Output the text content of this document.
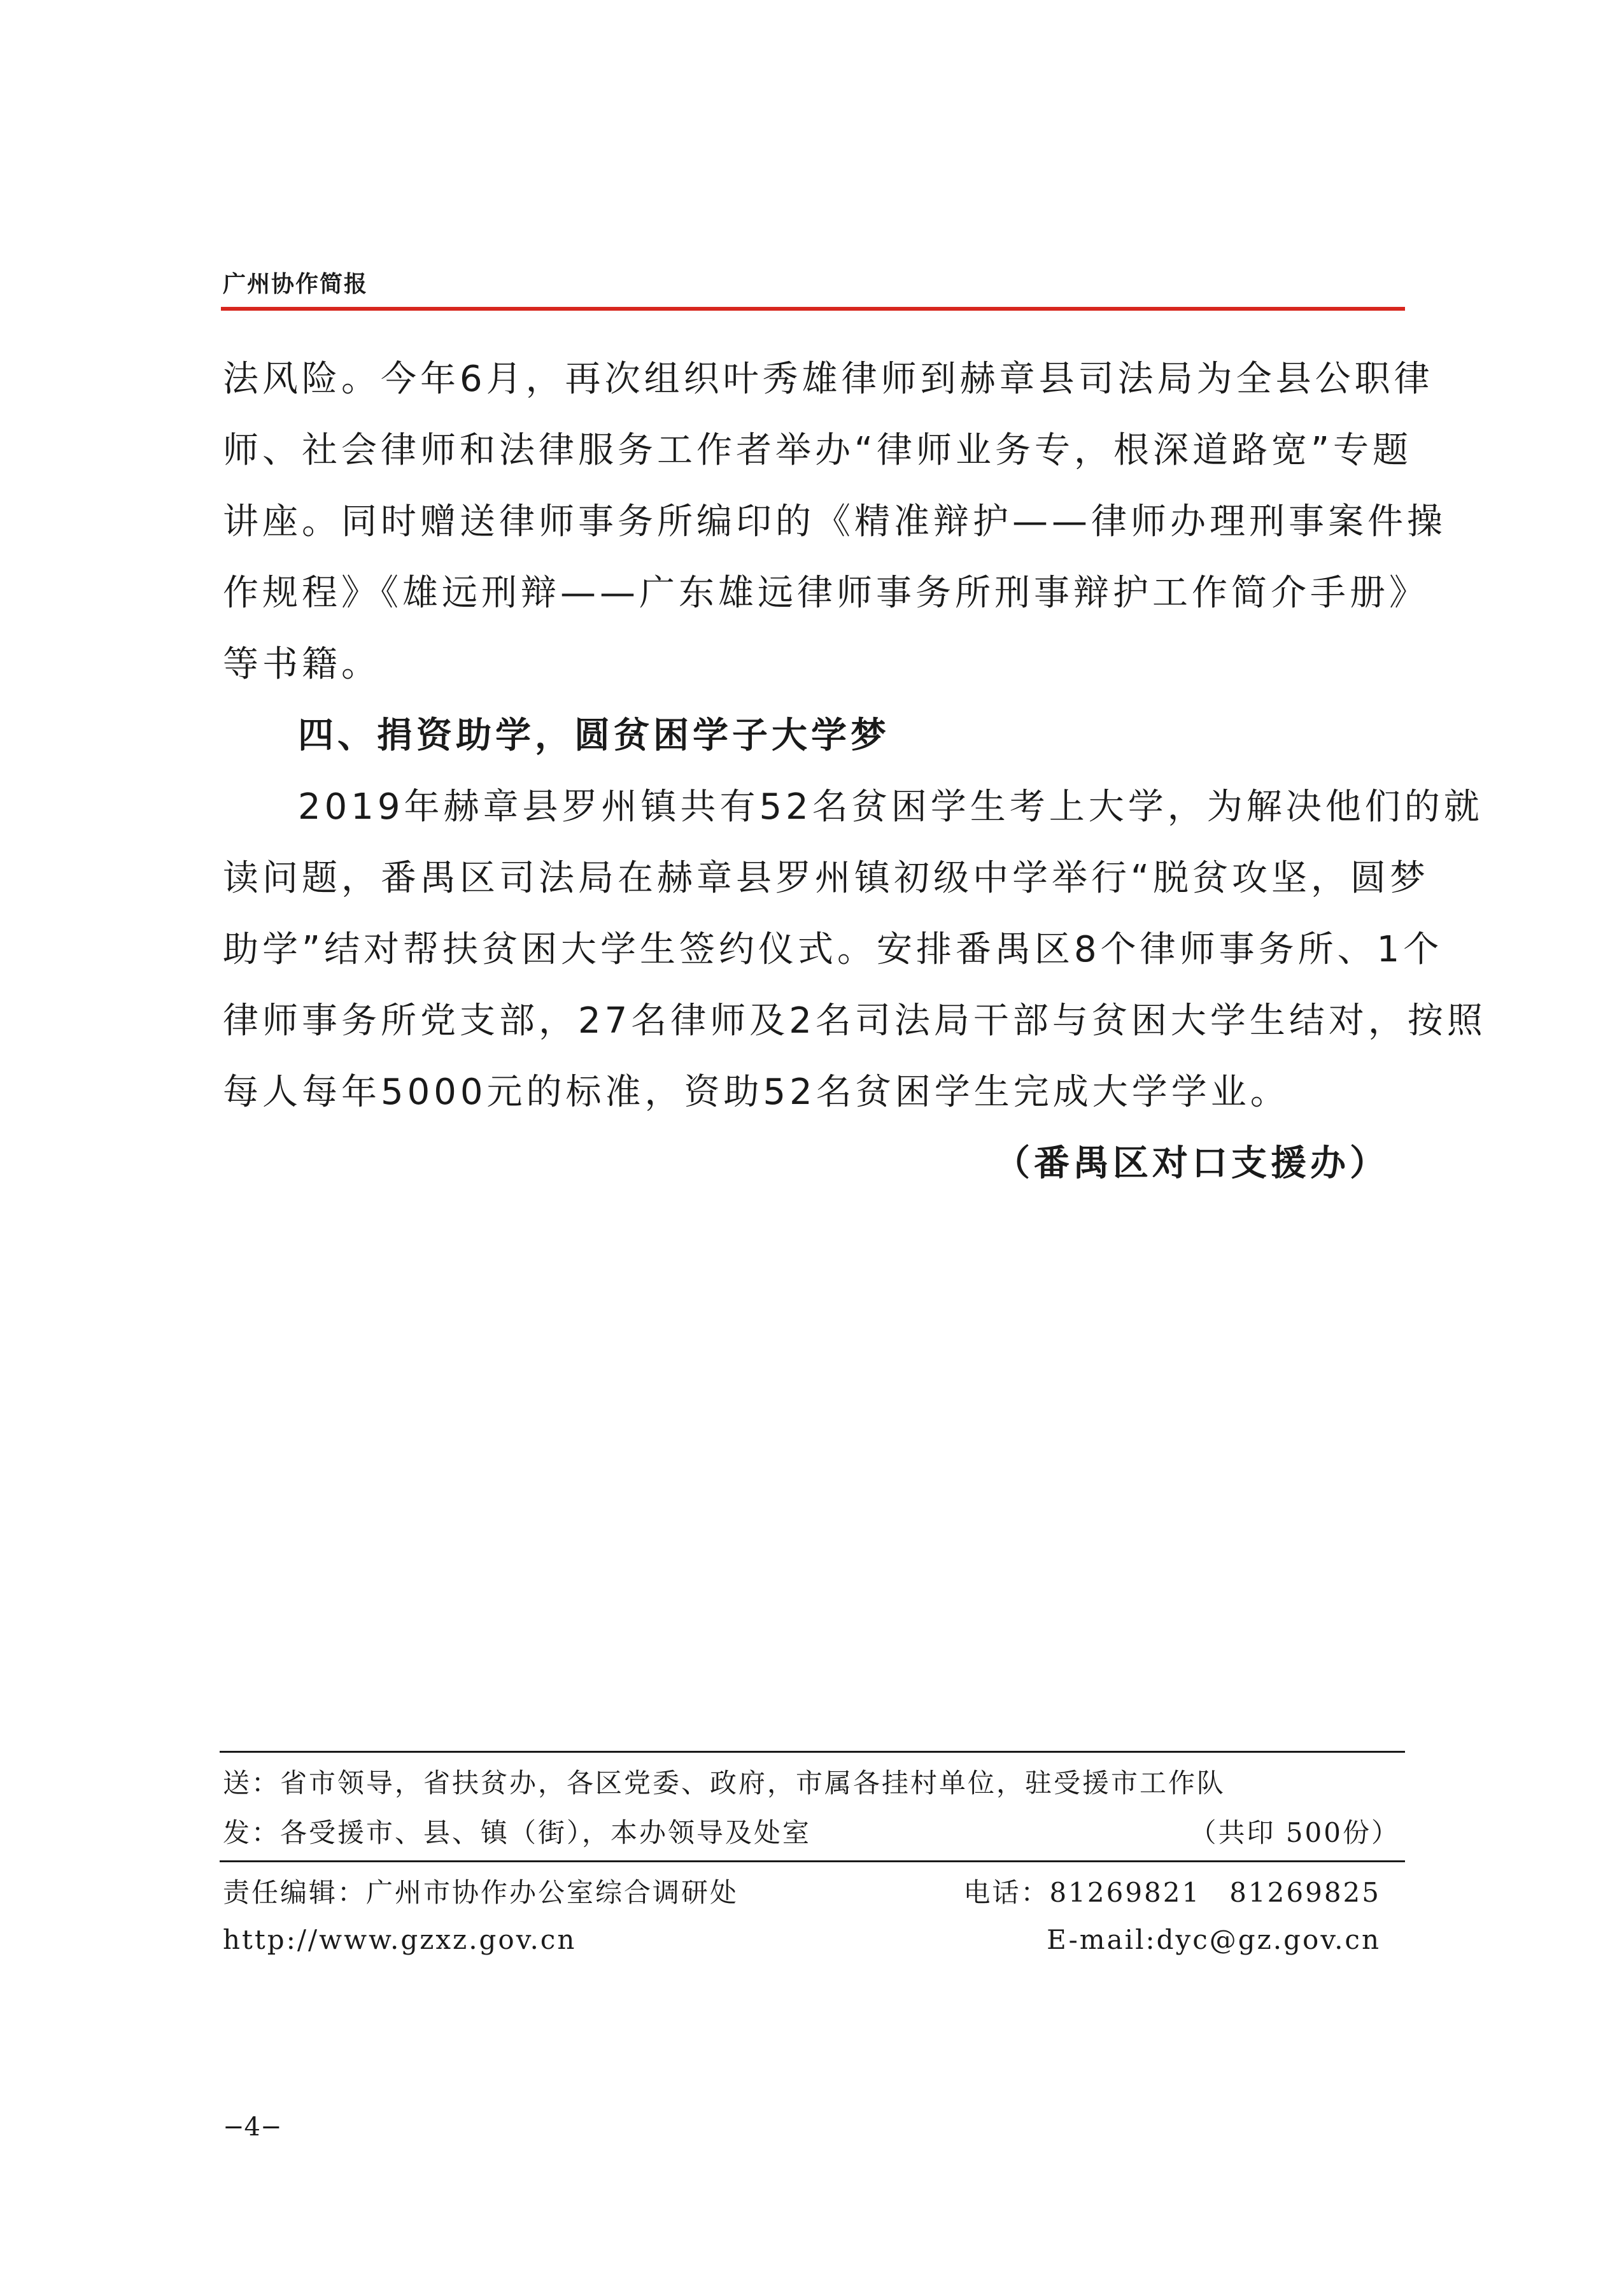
广州协作简报
法风险。今年6月，再次组织叶秀雄律师到赫章县司法局为全县公职律
师、社会律师和法律服务工作者举办“律师业务专，根深道路宽”专题
讲座。同时赠送律师事务所编印的《精准辩护——律师办理刑事案件操
作规程》《雄远刑辩——广东雄远律师事务所刑事辩护工作简介手册》
等书籍。
四、捐资助学，圆贫困学子大学梦
2019年赫章县罗州镇共有52名贫困学生考上大学，为解决他们的就
读问题，番禺区司法局在赫章县罗州镇初级中学举行“脱贫攻坚，圆梦
助学”结对帮扶贫困大学生签约仪式。安排番禺区8个律师事务所、1个
律师事务所党支部，27名律师及2名司法局干部与贫困大学生结对，按照
每人每年5000元的标准，资助52名贫困学生完成大学学业。
（番禺区对口支援办）
送：省市领导，省扶贫办，各区党委、政府，市属各挂村单位，驻受援市工作队
发：各受援市、县、镇（街），本办领导及处室	（共印 500份）
责任编辑：广州市协作办公室综合调研处	电话：81269821　81269825
http://www.gzxz.gov.cn	E-mail:dyc@gz.gov.cn
−4−
